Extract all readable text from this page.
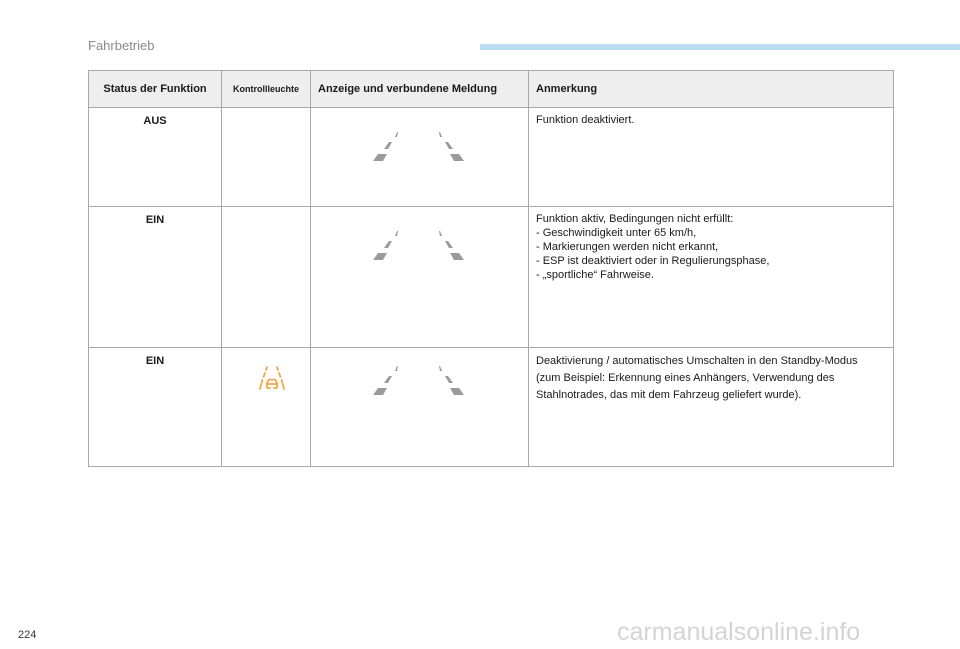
Fahrbetrieb
Status der Funktion	Kontrollleuchte	Anzeige und verbundene Meldung	Anmerkung
AUS			Funktion deaktiviert.

EIN			Funktion aktiv, Bedingungen nicht erfüllt:
- Geschwindigkeit unter 65 km/h,
- Markierungen werden nicht erkannt,
- ESP ist deaktiviert oder in Regulierungsphase,
- „sportliche“ Fahrweise.

EIN			Deaktivierung / automatisches Umschalten in den Standby-Modus
(zum Beispiel: Erkennung eines Anhängers, Verwendung des
Stahlnotrades, das mit dem Fahrzeug geliefert wurde).
224	carmanualsonline.info
